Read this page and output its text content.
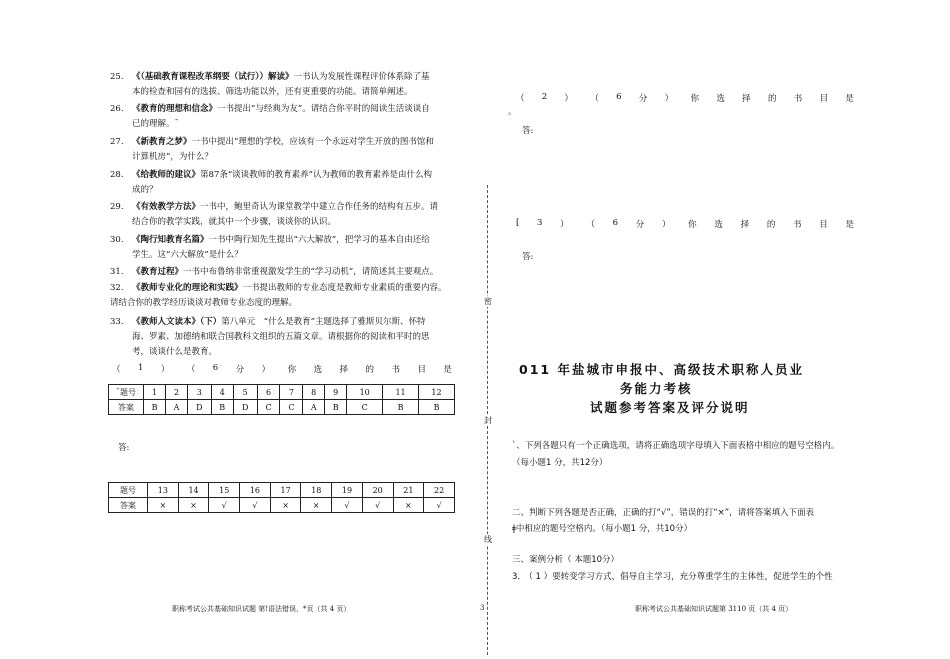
25. 《（基础教育课程改革纲要（试行））解读》一书认为发展性课程评价体系除了基
本的检查和园有的选拔、筛选功能以外，还有更重要的功能。请简单阐述。
26. 《教育的理想和信念》一书提出“与经典为友”。请结合你平时的阅读生活谈谈自
已的理解。ˉ
27. 《新教育之梦》一书中提出“理想的学校，应该有一个永远对学生开放的图书馆和
计算机房”，为什么？
28. 《给教师的建议》第87条“谈谈教师的教育素养”认为教师的教育素养是由什么构
成的？
29. 《有效教学方法》一书中，鲍里奇认为课堂教学中建立合作任务的结构有五步。请
结合你的教学实践，就其中一个步骤，谈谈你的认识。
30. 《陶行知教育名篇》一书中陶行知先生提出“六大解放”，把学习的基本自由还给
学生。这“六大解放”是什么？
31. 《教育过程》一书中布鲁纳非常重视激发学生的“学习动机”，请简述其主要观点。
32. 《教师专业化的理论和实践》一书提出教师的专业态度是教师专业素质的重要内容。
请结合你的教学经历谈谈对教师专业态度的理解。
33. 《教师人文读本》（下）第八单元　“什么是教育”主题选择了雅斯贝尔斯、怀特
海、罗素、加德纳和联合国教科文组织的五篇文章。请根据你的阅读和平时的思
考，谈谈什么是教育。
（ 1 ） （ 6 分 ） 你 选 择 的 书 目 是
ˉ题号	1	2	3	4	5	6	7	8	9	10	11	12
答案	B	A	D	B	D	C	C	A	B	C	B	B
答:
题号	13	14	15	16	17	18	19	20	21	22
答案	×	×	√	√	×	×	√	√	×	√
职称考试公共基础知识试题 第!语法错误，*页（共 4 页）
密
封
线
3
（ 2 ） （ 6 分 ） 你 选 择 的 书 目 是
。
答:
[ 3 ） （ 6 分 ） 你 选 择 的 书 目 是
答:
011 年盐城市申报中、高级技术职称人员业
务能力考核
试题参考答案及评分说明
ˋ、下列各题只有一个正确选项，请将正确选项字母填入下面表格中相应的题号空格内。
（每小题1 分，共12分）
二、判断下列各题是否正确，正确的打“√”，错误的打“×”，请将答案填入下面表
ǂ中相应的题号空格内。（每小题1 分，共10分）
三、案例分析（ 本题10分）
3.　（ 1 ）要转变学习方式，倡导自主学习，充分尊重学生的主体性，促进学生的个性
职称考试公共基础知识试题第 3110 页（共 4 页）
